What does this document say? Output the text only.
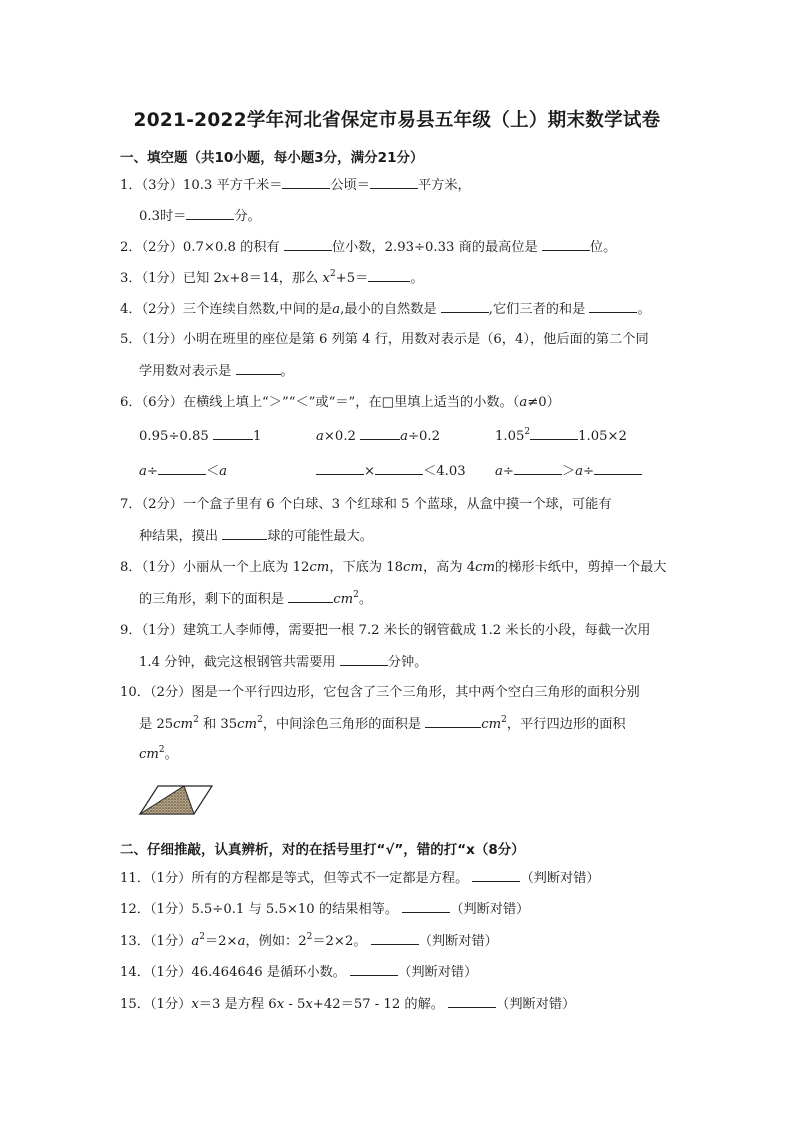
2021-2022学年河北省保定市易县五年级（上）期末数学试卷
一、填空题（共10小题，每小题3分，满分21分）
1．（3分）10.3 平方千米＝	公顷＝	平方米，
0.3时＝	分。
2．（2分）0.7×0.8 的积有	位小数，2.93÷0.33 商的最高位是	位。
3．（1分）已知 2x+8＝14，那么 $x^2+5=$	。
4．（2分）三个连续自然数,中间的是a,最小的自然数是	,它们三者的和是	。
5．（1分）小明在班里的座位是第 6 列第 4 行，用数对表示是（6，4），他后面的第二个同
学用数对表示是	。
6．（6分）在横线上填上“＞”“＜”或“＝”，在□里填上适当的小数。（a≠0）
0.95÷0.85	1	a×0.2	a÷0.2	1.05$^2$	1.05×2
a÷	＜a	×	＜4.03 a÷	＞a÷
7．（2分）一个盒子里有 6 个白球、3 个红球和 5 个蓝球，从盒中摸一个球，可能有
种结果，摸出	球的可能性最大。
8．（1分）小丽从一个上底为 12cm，下底为 18cm，高为 4cm的梯形卡纸中，剪掉一个最大
的三角形，剩下的面积是	$cm^2$。
9．（1分）建筑工人李师傅，需要把一根 7.2 米长的钢管截成 1.2 米长的小段，每截一次用
1.4 分钟，截完这根钢管共需要用	分钟。
10．（2分）图是一个平行四边形，它包含了三个三角形，其中两个空白三角形的面积分别
是 $25cm^2$ 和 $35cm^2$，中间涂色三角形的面积是	$cm^2$，平行四边形的面积
$cm^2$。
二、仔细推敲，认真辨析，对的在括号里打“√”，错的打“x（8分）
11．（1分）所有的方程都是等式，但等式不一定都是方程。	（判断对错）
12．（1分）5.5÷0.1 与 5.5×10 的结果相等。	（判断对错）
13．（1分）$a^2=2\times a$，例如：$2^2=2\times 2$。	（判断对错）
14．（1分）46.464646 是循环小数。	（判断对错）
15．（1分）x＝3 是方程 6x - 5x+42＝57 - 12 的解。	（判断对错）
